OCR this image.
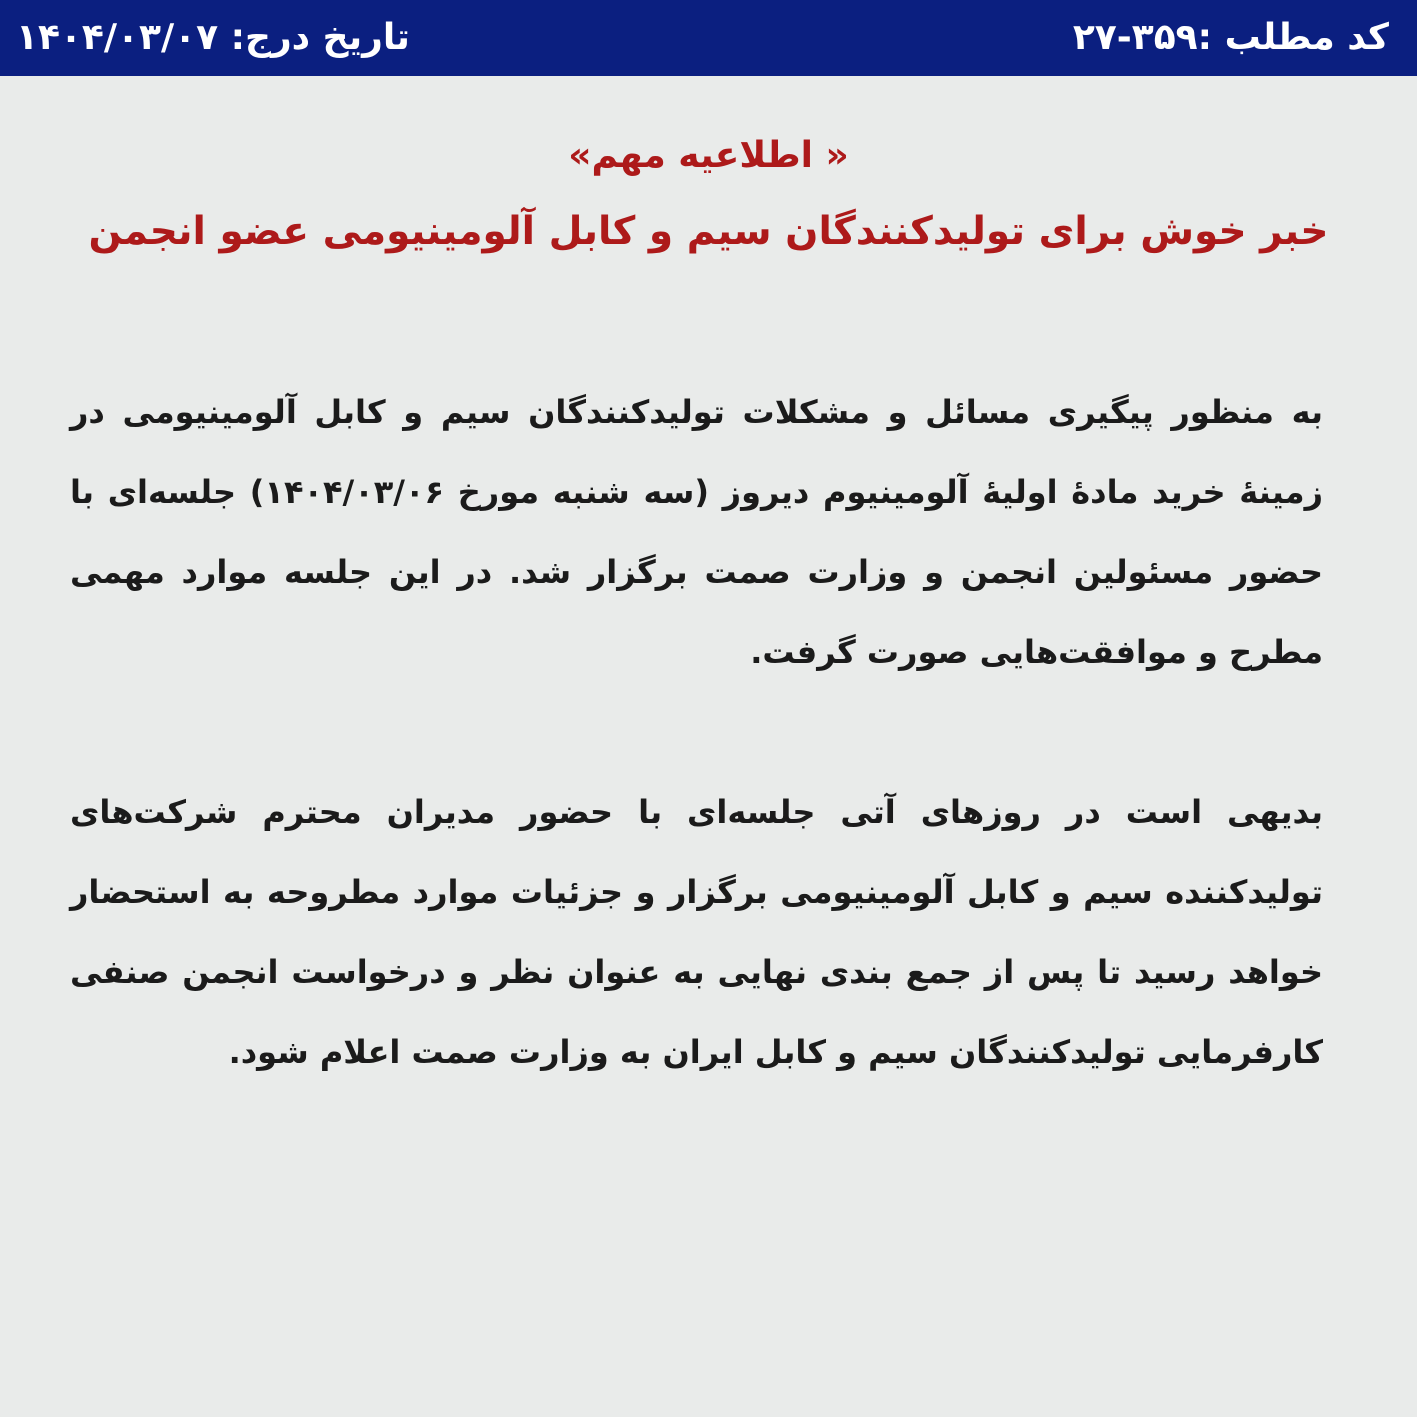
تاریخ درج: ۱۴۰۴/۰۳/۰۷	کد مطلب :۳۵۹-۲۷
« اطلاعیه مهم»
خبر خوش برای تولیدکنندگان سیم و کابل آلومینیومی عضو انجمن

به منظور پیگیری مسائل و مشکلات تولیدکنندگان سیم و کابل آلومینیومی در زمینهٔ خرید مادهٔ اولیهٔ آلومینیوم دیروز (سه شنبه مورخ ۱۴۰۴/۰۳/۰۶) جلسه‌ای با حضور مسئولین انجمن و وزارت صمت برگزار شد. در این جلسه موارد مهمی مطرح و موافقت‌هایی صورت گرفت.

بدیهی است در روزهای آتی جلسه‌ای با حضور مدیران محترم شرکت‌های تولیدکننده سیم و کابل آلومینیومی برگزار و جزئیات موارد مطروحه به استحضار خواهد رسید تا پس از جمع بندی نهایی به عنوان نظر و درخواست انجمن صنفی کارفرمایی تولیدکنندگان سیم و کابل ایران به وزارت صمت اعلام شود.
